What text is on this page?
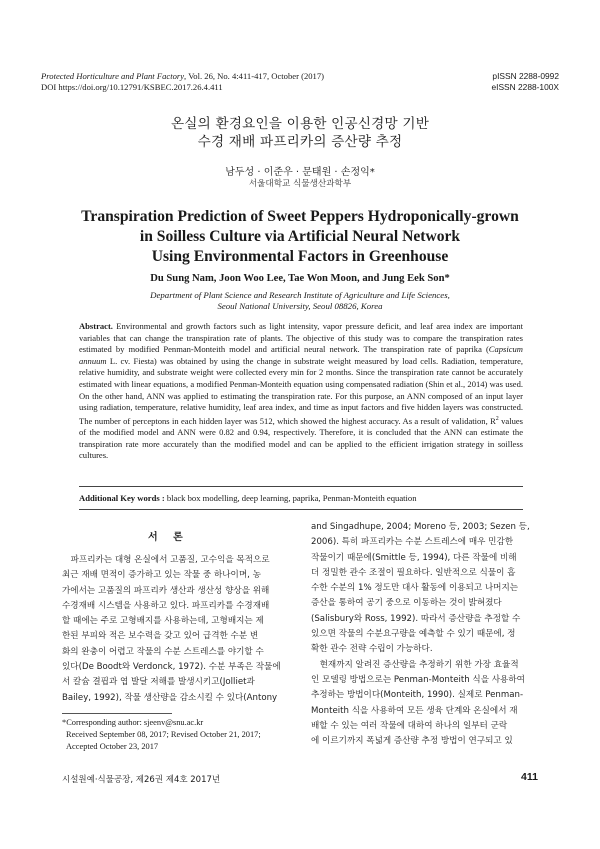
Protected Horticulture and Plant Factory, Vol. 26, No. 4:411-417, October (2017)
DOI https://doi.org/10.12791/KSBEC.2017.26.4.411
pISSN 2288-0992
eISSN 2288-100X
온실의 환경요인을 이용한 인공신경망 기반
수경 재배 파프리카의 증산량 추정
남두성 · 이준우 · 문태원 · 손정익*
서울대학교 식물생산과학부
Transpiration Prediction of Sweet Peppers Hydroponically-grown
in Soilless Culture via Artificial Neural Network
Using Environmental Factors in Greenhouse
Du Sung Nam, Joon Woo Lee, Tae Won Moon, and Jung Eek Son*
Department of Plant Science and Research Institute of Agriculture and Life Sciences,
Seoul National University, Seoul 08826, Korea
Abstract. Environmental and growth factors such as light intensity, vapor pressure deficit, and leaf area index are important variables that can change the transpiration rate of plants. The objective of this study was to compare the transpiration rates estimated by modified Penman-Monteith model and artificial neural network. The transpiration rate of paprika (Capsicum annuum L. cv. Fiesta) was obtained by using the change in substrate weight measured by load cells. Radiation, temperature, relative humidity, and substrate weight were collected every min for 2 months. Since the transpiration rate cannot be accurately estimated with linear equations, a modified Penman-Monteith equation using compensated radiation (Shin et al., 2014) was used. On the other hand, ANN was applied to estimating the transpiration rate. For this purpose, an ANN composed of an input layer using radiation, temperature, relative humidity, leaf area index, and time as input factors and five hidden layers was constructed. The number of perceptons in each hidden layer was 512, which showed the highest accuracy. As a result of validation, $R^2$ values of the modified model and ANN were 0.82 and 0.94, respectively. Therefore, it is concluded that the ANN can estimate the transpiration rate more accurately than the modified model and can be applied to the efficient irrigation strategy in soilless cultures.
Additional Key words : black box modelling, deep learning, paprika, Penman-Monteith equation
서 론
　파프리카는 대형 온실에서 고품질, 고수익을 목적으로
최근 재배 면적이 증가하고 있는 작물 중 하나이며, 농
가에서는 고품질의 파프리카 생산과 생산성 향상을 위해
수경재배 시스템을 사용하고 있다. 파프리카를 수경재배
할 때에는 주로 고형배지를 사용하는데, 고형배지는 제
한된 부피와 적은 보수력을 갖고 있어 급격한 수분 변
화의 완충이 어렵고 작물의 수분 스트레스를 야기할 수
있다(De Boodt와 Verdonck, 1972). 수분 부족은 작물에
서 칼슘 결핍과 엽 발달 저해를 발생시키고(Jolliet과
Bailey, 1992), 작물 생산량을 감소시킬 수 있다(Antony
and Singadhupe, 2004; Moreno 등, 2003; Sezen 등,
2006). 특히 파프리카는 수분 스트레스에 매우 민감한
작물이기 때문에(Smittle 등, 1994), 다른 작물에 비해
더 정밀한 관수 조절이 필요하다. 일반적으로 식물이 흡
수한 수분의 1% 정도만 대사 활동에 이용되고 나머지는
증산을 통하여 공기 중으로 이동하는 것이 밝혀졌다
(Salisbury와 Ross, 1992). 따라서 증산량을 추정할 수
있으면 작물의 수분요구량을 예측할 수 있기 때문에, 정
확한 관수 전략 수립이 가능하다.
　현재까지 알려진 증산량을 추정하기 위한 가장 효율적
인 모델링 방법으로는 Penman-Monteith 식을 사용하여
추정하는 방법이다(Monteith, 1990). 실제로 Penman-
Monteith 식을 사용하여 모든 생육 단계와 온실에서 재
배할 수 있는 여러 작물에 대하여 하나의 일부터 군락
에 이르기까지 폭넓게 증산량 추정 방법이 연구되고 있
*Corresponding author: sjeenv@snu.ac.kr
Received September 08, 2017; Revised October 21, 2017;
Accepted October 23, 2017
시설원예·식물공장, 제26권 제4호 2017년	411
